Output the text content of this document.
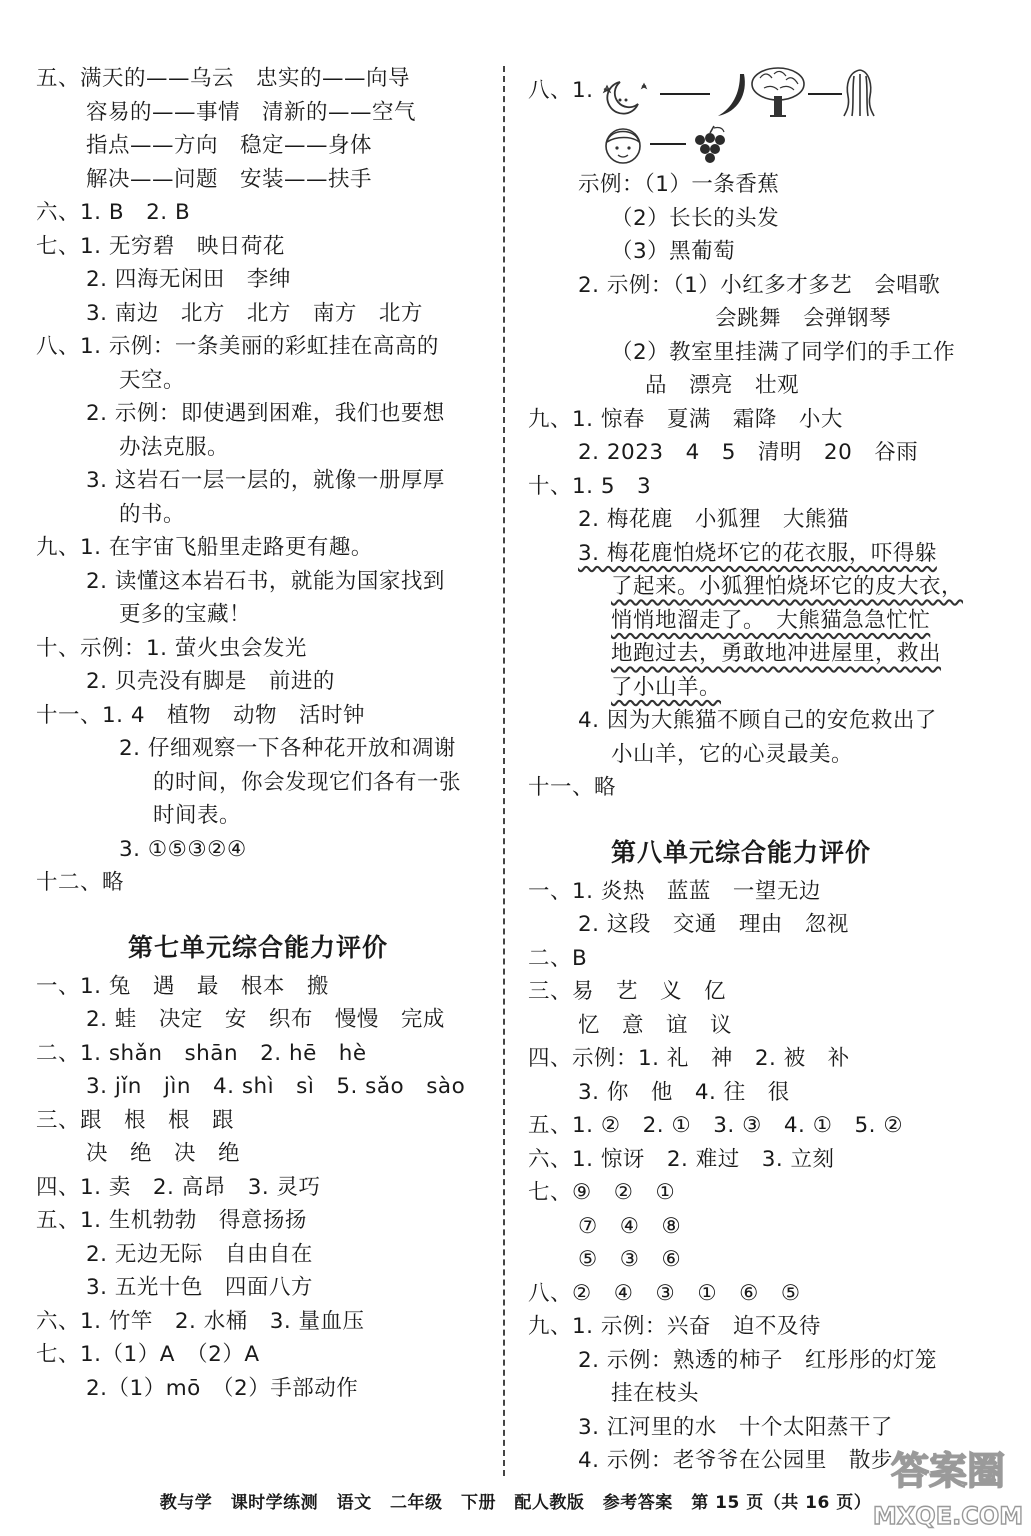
五、满天的——乌云　忠实的——向导
容易的——事情　清新的——空气
指点——方向　稳定——身体
解决——问题　安装——扶手
六、1. B　2. B
七、1. 无穷碧　映日荷花
2. 四海无闲田　李绅
3. 南边　北方　北方　南方　北方
八、1. 示例：一条美丽的彩虹挂在高高的
天空。
2. 示例：即使遇到困难，我们也要想
办法克服。
3. 这岩石一层一层的，就像一册厚厚
的书。
九、1. 在宇宙飞船里走路更有趣。
2. 读懂这本岩石书，就能为国家找到
更多的宝藏！
十、示例：1. 萤火虫会发光
2. 贝壳没有脚是　前进的
十一、1. 4　植物　动物　活时钟
2. 仔细观察一下各种花开放和凋谢
的时间，你会发现它们各有一张
时间表。
3. ①⑤③②④
十二、略
第七单元综合能力评价
一、1. 兔　遇　最　根本　搬
2. 蛙　决定　安　织布　慢慢　完成
二、1. shǎn　shān　2. hē　hè
3. jǐn　jìn　4. shì　sì　5. sǎo　sào
三、跟　根　根　跟
决　绝　决　绝
四、1. 卖　2. 高昂　3. 灵巧
五、1. 生机勃勃　得意扬扬
2. 无边无际　自由自在
3. 五光十色　四面八方
六、1. 竹竿　2. 水桶　3. 量血压
七、1.（1）A　（2）A
2.（1）mō　（2）手部动作
八、1.
示例：（1）一条香蕉
（2）长长的头发
（3）黑葡萄
2. 示例：（1）小红多才多艺　会唱歌
会跳舞　会弹钢琴
（2）教室里挂满了同学们的手工作
品　漂亮　壮观
九、1. 惊春　夏满　霜降　小大
2. 2023　4　5　清明　20　谷雨
十、1. 5　3
2. 梅花鹿　小狐狸　大熊猫
3. 梅花鹿怕烧坏它的花衣服，吓得躲
了起来。小狐狸怕烧坏它的皮大衣，
悄悄地溜走了。　大熊猫急急忙忙
地跑过去，勇敢地冲进屋里，救出
了小山羊。
4. 因为大熊猫不顾自己的安危救出了
小山羊，它的心灵最美。
十一、略
第八单元综合能力评价
一、1. 炎热　蓝蓝　一望无边
2. 这段　交通　理由　忽视
二、B
三、易　艺　义　亿
忆　意　谊　议
四、示例：1. 礼　神　2. 被　补
3. 你　他　4. 往　很
五、1. ②　2. ①　3. ③　4. ①　5. ②
六、1. 惊讶　2. 难过　3. 立刻
七、⑨　②　①
⑦　④　⑧
⑤　③　⑥
八、②　④　③　①　⑥　⑤
九、1. 示例：兴奋　迫不及待
2. 示例：熟透的柿子　红彤彤的灯笼
挂在枝头
3. 江河里的水　十个太阳蒸干了
4. 示例：老爷爷在公园里　散步
教与学 课时学练测 语文 二年级 下册 配人教版 参考答案 第 15 页（共 16 页）
答案圈
MXQE.COM
